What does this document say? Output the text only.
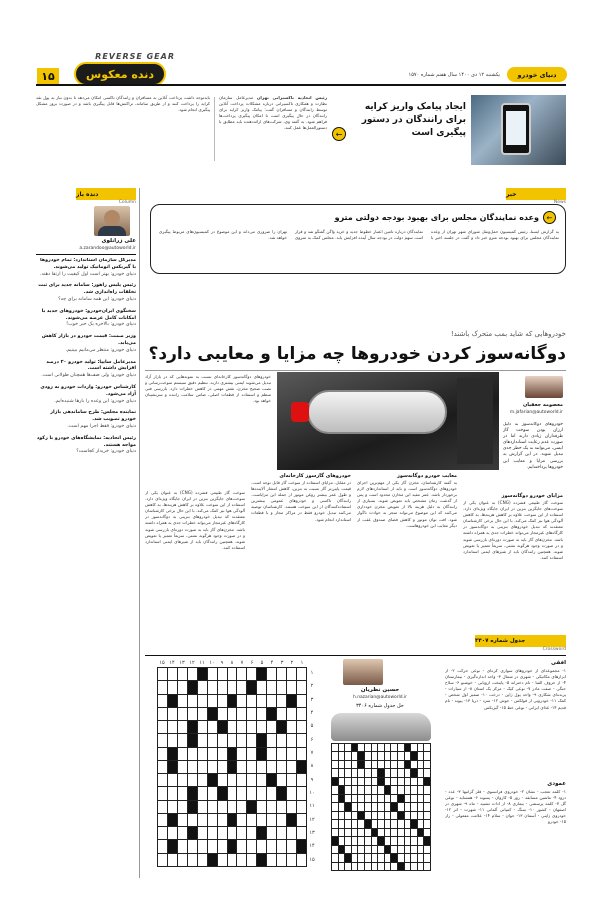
۱۵
REVERSE GEAR
دنده معکوس	یکشنبه ۱۲ دی ۱۴۰۰ سال هفتم شماره ۱۵۷۰	دنیای خودرو
ایجاد پیامک واریز کرایه برای رانندگان در دستور پیگیری است
←
رئیس اتحادیه تاکسیرانی تهران مدیرعامل سازمان نظارت و همکاری تاکسیرانی درباره مشکلات پرداخت آنلاین توسط رانندگان و مسافران گفت: پیامک واریز کرایه برای رانندگان در حال پیگیری است تا امکان پیگیری پرداخت‌ها فراهم شود. به گفته وی، شرکت‌های ارائه‌دهنده باید مطابق با دستورالعمل‌ها عمل کنند.
بایدتوجه داشت پرداخت آنلاین به مسافران و رانندگان تاکسی امکان می‌دهد تا بدون نیاز به پول نقد کرایه را پرداخت کنند و از طریق سامانه، تراکنش‌ها قابل پیگیری باشد و در صورت بروز مشکل پیگیری انجام شود.
خبر
News
←
وعده نمایندگان مجلس برای بهبود بودجه دولتی مترو
به گزارش ایسنا، رئیس کمیسیون حمل‌ونقل شورای شهر تهران از وعده نمایندگان مجلس برای بهبود بودجه مترو خبر داد و گفت در جلسه اخیر با نمایندگان درباره تامین اعتبار خطوط جدید و خرید واگن گفتگو شد و قرار است سهم دولت در بودجه سال آینده افزایش یابد. مجلس کمک به متروی تهران را ضروری می‌داند و این موضوع در کمیسیون‌های مربوط پیگیری خواهد شد.
دنده باز
Column
علی زرانلوی
a.zarandoo@autoworld.ir
مدیرکل سازمان استاندارد: تمام خودروها با گیربکس اتوماتیک تولید می‌شوند.
دنیای خودرو: بهتر است اول کیفیت را ارتقا دهند.
رئیس پلیس راهور: سامانه جدید برای ثبت تخلفات راه‌اندازی شد.
دنیای خودرو: این همه سامانه برای چه؟
سخنگوی ایران‌خودرو: خودروهای جدید با امکانات کامل عرضه می‌شوند.
دنیای خودرو: بالاخره یک خبر خوب!
وزیر صمت: قیمت خودرو در بازار کاهش می‌یابد.
دنیای خودرو: منتظر می‌مانیم ببینیم.
مدیرعامل سایپا: تولید خودرو ۲۰ درصد افزایش داشته است.
دنیای خودرو: ولی صف‌ها همچنان طولانی است.
کارشناس خودرو: واردات خودرو به زودی آزاد می‌شود.
دنیای خودرو: این وعده را بارها شنیده‌ایم.
نماینده مجلس: طرح ساماندهی بازار خودرو تصویب شد.
دنیای خودرو: فقط اجرا مهم است.
رئیس اتحادیه: نمایشگاه‌های خودرو با رکود مواجه هستند.
دنیای خودرو: خریدار کجاست؟
خودروهایی که شاید بمب متحرک باشند!
دوگانه‌سوز کردن خودروها چه مزایا و معایبی دارد؟
معصومه جعفیان
m.jafarian@autoworld.ir
خودروهای دوگانه‌سوز به دلیل ارزان بودن سوخت گاز طرفداران زیادی دارند اما در صورت عدم رعایت استانداردهای ایمنی، می‌توانند به یک خطر جدی تبدیل شوند. در این گزارش به بررسی مزایا و معایب این خودروها پرداخته‌ایم.
خودروهای دوگانه‌سوز کارخانه‌ای نسبت به نمونه‌هایی که در بازار آزاد تبدیل می‌شوند ایمنی بیشتری دارند. تنظیم دقیق سیستم سوخت‌رسانی و نصب صحیح مخزن، نقش مهمی در کاهش خطرات دارد. بازرسی فنی منظم و استفاده از قطعات اصلی، ضامن سلامت راننده و سرنشینان خواهد بود.
مزایای خودرو دوگانه‌سوز
سوخت گاز طبیعی فشرده (CNG) به عنوان یکی از سوخت‌های جایگزین بنزین در ایران جایگاه ویژه‌ای دارد. استفاده از این سوخت علاوه بر کاهش هزینه‌ها، به کاهش آلودگی هوا نیز کمک می‌کند. با این حال برخی کارشناسان معتقدند که تبدیل خودروهای بنزینی به دوگانه‌سوز در کارگاه‌های غیرمجاز می‌تواند خطرات جدی به همراه داشته باشد. مخزن‌های گاز باید به صورت دوره‌ای بازرسی شوند و در صورت وجود هرگونه نشتی، سریعاً تعمیر یا تعویض شوند. همچنین رانندگان باید از شیرهای ایمنی استاندارد استفاده کنند.
معایب خودرو دوگانه‌سوز
به گفته کارشناسان، مخزن گاز یکی از مهم‌ترین اجزای خودروهای دوگانه‌سوز است و باید از استانداردهای لازم برخوردار باشد. عمر مفید این مخازن محدود است و پس از گذشت زمان مشخص باید تعویض شوند. بسیاری از رانندگان به دلیل هزینه بالا از تعویض مخزن خودداری می‌کنند که این موضوع می‌تواند منجر به حوادث ناگوار شود. افت توان موتور و کاهش فضای صندوق عقب از دیگر معایب این خودروهاست.
خودروهای گازسوز کارخانه‌ای
در مقابل، مزایای استفاده از سوخت گاز قابل توجه است. قیمت پایین‌تر گاز نسبت به بنزین، کاهش انتشار آلاینده‌ها و طول عمر بیشتر روغن موتور از جمله این مزایاست. رانندگان تاکسی و خودروهای عمومی بیشترین استفاده‌کنندگان از این سوخت هستند. کارشناسان توصیه می‌کنند تبدیل خودرو فقط در مراکز مجاز و با قطعات استاندارد انجام شود.
سوخت گاز طبیعی فشرده (CNG) به عنوان یکی از سوخت‌های جایگزین بنزین در ایران جایگاه ویژه‌ای دارد. استفاده از این سوخت علاوه بر کاهش هزینه‌ها، به کاهش آلودگی هوا نیز کمک می‌کند. با این حال برخی کارشناسان معتقدند که تبدیل خودروهای بنزینی به دوگانه‌سوز در کارگاه‌های غیرمجاز می‌تواند خطرات جدی به همراه داشته باشد. مخزن‌های گاز باید به صورت دوره‌ای بازرسی شوند و در صورت وجود هرگونه نشتی، سریعاً تعمیر یا تعویض شوند. همچنین رانندگان باید از شیرهای ایمنی استاندارد استفاده کنند.
جدول شماره ۳۴۰۷
Crossword
افقی
۱- مجموعه‌ای از خودروهای سواری کره‌ای - نوعی حرکت ۲- از ابزارهای مکانیکی - شهری در شمال ۳- واحد اندازه‌گیری - بیمارستان ۴- از حروف الفبا - نام دخترانه ۵- پایتخت اروپایی - خوشبو ۶- سلاح جنگی - صفت مادر ۷- نوعی کیک - مرکز یک استان ۸- از سیارات - پرنده‌ای شکاری ۹- واحد پول ژاپن - درخت ۱۰- ضمیر اول شخص - کمک ۱۱- خودرویی از فولکس - جوش ۱۲- سرد - دریا ۱۳- پیوند - نام قدیم ۱۴- غذای ایرانی - نوعی خط ۱۵- گیربکس
عمودی
۱- کلمه تعجب - نشان ۲- خودروی فرانسوی - فلز گرانبها ۳- عدد - درود ۴- ماشین مسابقه - روز ۵- کاروان - پسوند ۶- همسایه - نوعی گل ۷- کلمه پرسشی - بیماری ۸- از ادات تشبیه - ماه ۹- شهری در اصفهان - کشور ۱۰- سنگ - کمپانی آلمانی ۱۱- شهرت - اثر ۱۲- خودروی ژاپنی - آسمان ۱۳- جوان - سلام ۱۴- علامت مفعولی - راز ۱۵- خودرو
حسین نظریان
h.nazarian@autoworld.ir
حل جدول شماره ۳۴۰۶
۱۵ ۱۴ ۱۳ ۱۲ ۱۱ ۱۰	۹	۸	۷	۶	۵	۴	۳	۲	۱
۱
۲
۳
۴
۵
۶
۷
۸
۹
۱۰
۱۱
۱۲
۱۳
۱۴
۱۵
